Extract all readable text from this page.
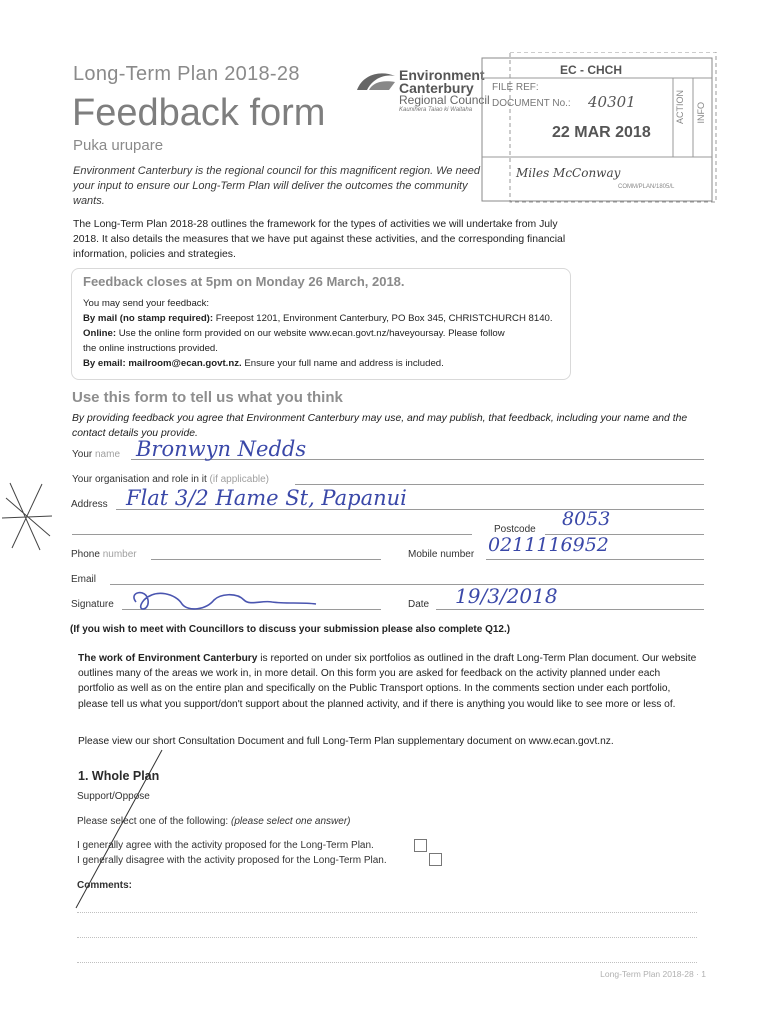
Long-Term Plan 2018-28
Feedback form
Puka urupare
Environment
Canterbury
Regional Council
Kaunihera Taiao ki Waitaha
EC - CHCH
FILE REF:
DOCUMENT No.: 40301
22 MAR 2018
ACTION INFO
Miles McConway
COMM/PLAN/1805/L
Environment Canterbury is the regional council for this magnificent region. We need your input to ensure our Long-Term Plan will deliver the outcomes the community wants.
The Long-Term Plan 2018-28 outlines the framework for the types of activities we will undertake from July 2018. It also details the measures that we have put against these activities, and the corresponding financial information, policies and strategies.
Feedback closes at 5pm on Monday 26 March, 2018.
You may send your feedback:
By mail (no stamp required): Freepost 1201, Environment Canterbury, PO Box 345, CHRISTCHURCH 8140.
Online: Use the online form provided on our website www.ecan.govt.nz/haveyoursay. Please follow
the online instructions provided.
By email: mailroom@ecan.govt.nz. Ensure your full name and address is included.
Use this form to tell us what you think
By providing feedback you agree that Environment Canterbury may use, and may publish, that feedback, including your name and the contact details you provide.
Your name Bronwyn Nedds
Your organisation and role in it (if applicable)
Address Flat 3/2 Hame St, Papanui
Postcode 8053
Phone number	Mobile number 0211116952
Email
Signature	Date 19/3/2018
(If you wish to meet with Councillors to discuss your submission please also complete Q12.)
The work of Environment Canterbury is reported on under six portfolios as outlined in the draft Long-Term Plan document. Our website outlines many of the areas we work in, in more detail. On this form you are asked for feedback on the activity planned under each portfolio as well as on the entire plan and specifically on the Public Transport options. In the comments section under each portfolio, please tell us what you support/don't support about the planned activity, and if there is anything you would like to see more or less of.
Please view our short Consultation Document and full Long-Term Plan supplementary document on www.ecan.govt.nz.
1. Whole Plan
Support/Oppose
Please select one of the following: (please select one answer)
I generally agree with the activity proposed for the Long-Term Plan.
I generally disagree with the activity proposed for the Long-Term Plan.
Comments:
Long-Term Plan 2018-28 · 1
